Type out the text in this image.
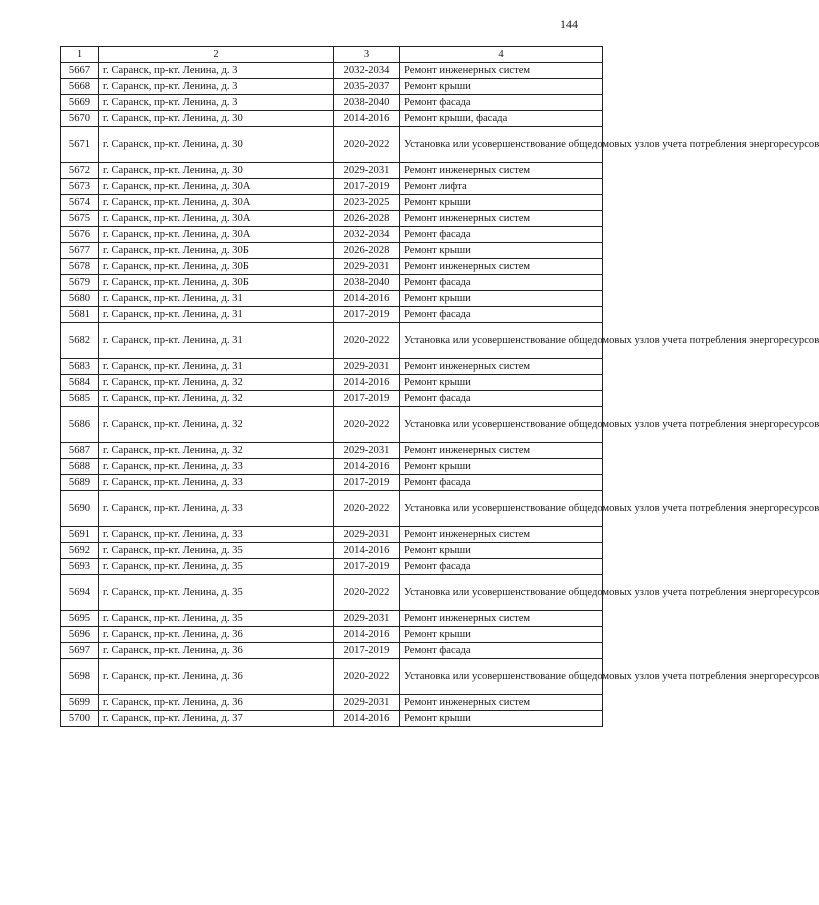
144
1	2	3	4
5667	г. Саранск, пр-кт. Ленина, д. 3	2032-2034	Ремонт инженерных систем
5668	г. Саранск, пр-кт. Ленина, д. 3	2035-2037	Ремонт крыши
5669	г. Саранск, пр-кт. Ленина, д. 3	2038-2040	Ремонт фасада
5670	г. Саранск, пр-кт. Ленина, д. 30	2014-2016	Ремонт крыши, фасада
5671	г. Саранск, пр-кт. Ленина, д. 30	2020-2022	Установка или усовершенствование общедомовых узлов учета потребления энергоресурсов
5672	г. Саранск, пр-кт. Ленина, д. 30	2029-2031	Ремонт инженерных систем
5673	г. Саранск, пр-кт. Ленина, д. 30А	2017-2019	Ремонт лифта
5674	г. Саранск, пр-кт. Ленина, д. 30А	2023-2025	Ремонт крыши
5675	г. Саранск, пр-кт. Ленина, д. 30А	2026-2028	Ремонт инженерных систем
5676	г. Саранск, пр-кт. Ленина, д. 30А	2032-2034	Ремонт фасада
5677	г. Саранск, пр-кт. Ленина, д. 30Б	2026-2028	Ремонт крыши
5678	г. Саранск, пр-кт. Ленина, д. 30Б	2029-2031	Ремонт инженерных систем
5679	г. Саранск, пр-кт. Ленина, д. 30Б	2038-2040	Ремонт фасада
5680	г. Саранск, пр-кт. Ленина, д. 31	2014-2016	Ремонт крыши
5681	г. Саранск, пр-кт. Ленина, д. 31	2017-2019	Ремонт фасада
5682	г. Саранск, пр-кт. Ленина, д. 31	2020-2022	Установка или усовершенствование общедомовых узлов учета потребления энергоресурсов
5683	г. Саранск, пр-кт. Ленина, д. 31	2029-2031	Ремонт инженерных систем
5684	г. Саранск, пр-кт. Ленина, д. 32	2014-2016	Ремонт крыши
5685	г. Саранск, пр-кт. Ленина, д. 32	2017-2019	Ремонт фасада
5686	г. Саранск, пр-кт. Ленина, д. 32	2020-2022	Установка или усовершенствование общедомовых узлов учета потребления энергоресурсов
5687	г. Саранск, пр-кт. Ленина, д. 32	2029-2031	Ремонт инженерных систем
5688	г. Саранск, пр-кт. Ленина, д. 33	2014-2016	Ремонт крыши
5689	г. Саранск, пр-кт. Ленина, д. 33	2017-2019	Ремонт фасада
5690	г. Саранск, пр-кт. Ленина, д. 33	2020-2022	Установка или усовершенствование общедомовых узлов учета потребления энергоресурсов
5691	г. Саранск, пр-кт. Ленина, д. 33	2029-2031	Ремонт инженерных систем
5692	г. Саранск, пр-кт. Ленина, д. 35	2014-2016	Ремонт крыши
5693	г. Саранск, пр-кт. Ленина, д. 35	2017-2019	Ремонт фасада
5694	г. Саранск, пр-кт. Ленина, д. 35	2020-2022	Установка или усовершенствование общедомовых узлов учета потребления энергоресурсов
5695	г. Саранск, пр-кт. Ленина, д. 35	2029-2031	Ремонт инженерных систем
5696	г. Саранск, пр-кт. Ленина, д. 36	2014-2016	Ремонт крыши
5697	г. Саранск, пр-кт. Ленина, д. 36	2017-2019	Ремонт фасада
5698	г. Саранск, пр-кт. Ленина, д. 36	2020-2022	Установка или усовершенствование общедомовых узлов учета потребления энергоресурсов
5699	г. Саранск, пр-кт. Ленина, д. 36	2029-2031	Ремонт инженерных систем
5700	г. Саранск, пр-кт. Ленина, д. 37	2014-2016	Ремонт крыши
